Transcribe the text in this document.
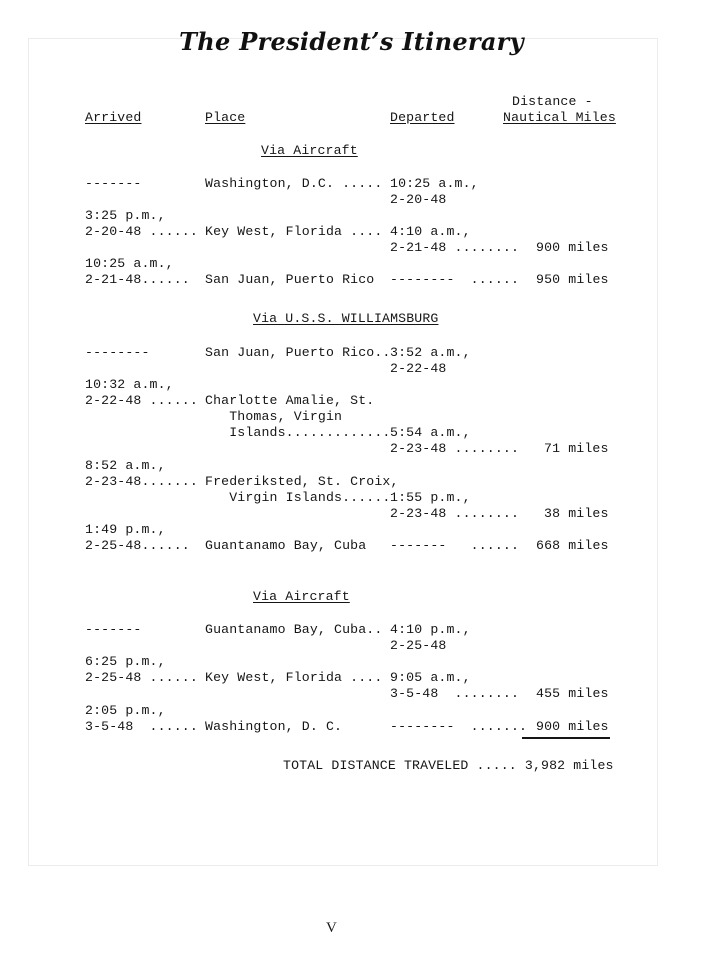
The President’s Itinerary
Arrived	Place	Departed
Distance -
Nautical Miles
Via Aircraft
-------	Washington, D.C. ..... 10:25 a.m.,
2-20-48
3:25 p.m.,
2-20-48 ...... Key West, Florida .... 4:10 a.m.,
2-21-48 ........ 900 miles
10:25 a.m.,
2-21-48...... San Juan, Puerto Rico --------  ...... 950 miles
Via U.S.S. WILLIAMSBURG
--------	San Juan, Puerto Rico.. 3:52 a.m.,
2-22-48
10:32 a.m.,
2-22-48 ...... Charlotte Amalie, St.
Thomas, Virgin
Islands............. 5:54 a.m.,
2-23-48 ........ 71 miles
8:52 a.m.,
2-23-48....... Frederiksted, St. Croix,
Virgin Islands...... 1:55 p.m.,
2-23-48 ........ 38 miles
1:49 p.m.,
2-25-48...... Guantanamo Bay, Cuba -------   ...... 668 miles
Via Aircraft
-------	Guantanamo Bay, Cuba.. 4:10 p.m.,
2-25-48
6:25 p.m.,
2-25-48 ...... Key West, Florida .... 9:05 a.m.,
3-5-48  ........ 455 miles
2:05 p.m.,
3-5-48  ...... Washington, D. C.	--------  ....... 900 miles
TOTAL DISTANCE TRAVELED ..... 3,982 miles
V
